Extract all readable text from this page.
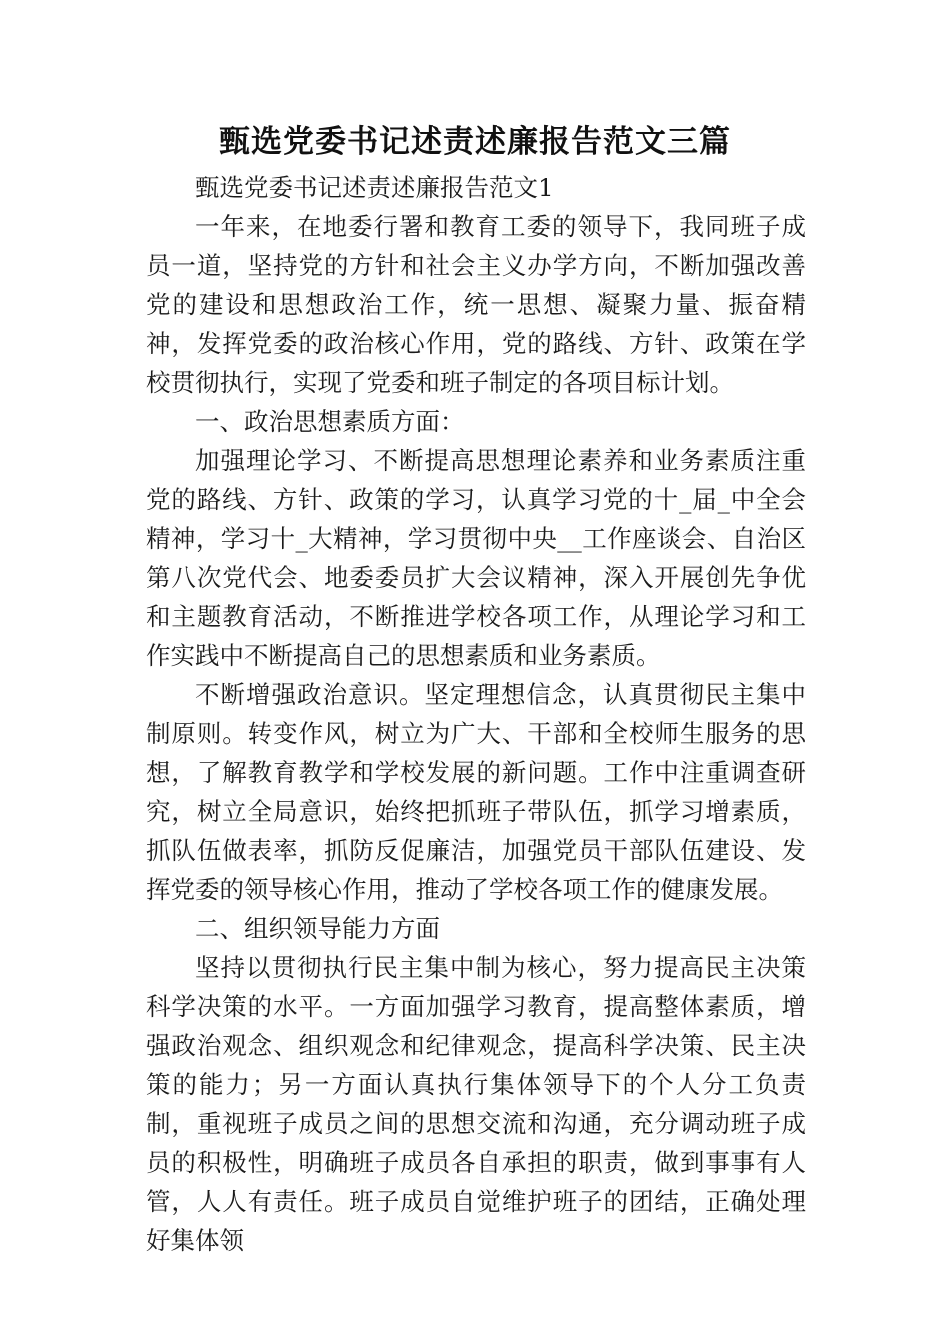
甄选党委书记述责述廉报告范文三篇

甄选党委书记述责述廉报告范文1

一年来，在地委行署和教育工委的领导下，我同班子成员一道，坚持党的方针和社会主义办学方向，不断加强改善党的建设和思想政治工作，统一思想、凝聚力量、振奋精神，发挥党委的政治核心作用，党的路线、方针、政策在学校贯彻执行，实现了党委和班子制定的各项目标计划。

一、政治思想素质方面：

加强理论学习、不断提高思想理论素养和业务素质注重党的路线、方针、政策的学习，认真学习党的十_届_中全会精神，学习十_大精神，学习贯彻中央__工作座谈会、自治区第八次党代会、地委委员扩大会议精神，深入开展创先争优和主题教育活动，不断推进学校各项工作，从理论学习和工作实践中不断提高自己的思想素质和业务素质。

不断增强政治意识。坚定理想信念，认真贯彻民主集中制原则。转变作风，树立为广大、干部和全校师生服务的思想，了解教育教学和学校发展的新问题。工作中注重调查研究，树立全局意识，始终把抓班子带队伍，抓学习增素质，抓队伍做表率，抓防反促廉洁，加强党员干部队伍建设、发挥党委的领导核心作用，推动了学校各项工作的健康发展。

二、组织领导能力方面

坚持以贯彻执行民主集中制为核心，努力提高民主决策科学决策的水平。一方面加强学习教育，提高整体素质，增强政治观念、组织观念和纪律观念，提高科学决策、民主决策的能力；另一方面认真执行集体领导下的个人分工负责制，重视班子成员之间的思想交流和沟通，充分调动班子成员的积极性，明确班子成员各自承担的职责，做到事事有人管，人人有责任。班子成员自觉维护班子的团结，正确处理好集体领
